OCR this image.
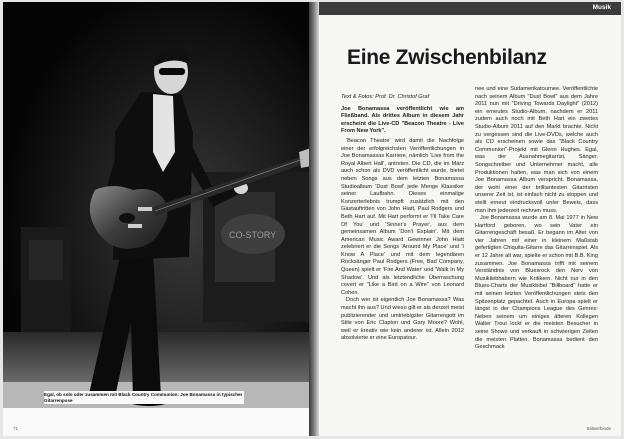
CO-STORY
Egal, ob solo oder zusammen mit Black Country Communion: Joe Bonamassa in typischer Gitarrenpose
71
Musik
Eine Zwischenbilanz

Text & Fotos: Prof. Dr. Christof Graf

Joe Bonamassa veröffentlicht wie am Fließband. Als drittes Album in diesem Jahr erscheint die Live-CD "Beacon Theatre - Live From New York".

'Beacon Theatre' wird damit die Nachfolge einer der erfolgreichsten Veröffentlichungen in Joe Bonamassas Karriere, nämlich 'Live from the Royal Albert Hall', antreten. Die CD, die im März auch schon als DVD veröffentlicht wurde, bietet neben Songs aus dem letzten Bonamassa Studioalbum 'Dust Bowl' jede Menge Klassiker seiner Laufbahn. Dieses einmalige Konzerterlebnis trumpft zusätzlich mit den Gastauftritten von John Hiatt, Paul Rodgers und Beth Hart auf. Mit Hart performt er 'I'll Take Care Of You' und 'Sinner's Prayer', aus dem gemeinsamen Album 'Don't Explain'. Mit dem American Music Award Gewinner John Hiatt zelebriert er die Songs 'Around My Place' und 'I Know A Place' und mit dem legendären Rocksänger Paul Rodgers (Free, Bad Company, Queen) spielt er 'Fire And Water' und 'Walk In My Shadow'. Und als letztendliche Überraschung covert er "Like a Bird on a Wire" von Leonard Cohen.

Doch wer ist eigentlich Joe Bonamassa? Was macht ihn aus? Und wieso gilt er als derzeit meist publizierender und umtriebigster Gitarrengott im Stile von Eric Clapton und Gary Moore? Wohl, weil er kreativ wie kein anderer ist. Allein 2012 absolvierte er eine Europatour.

nee und eine Südamerikatournee. Veröffentlichte nach seinem Album "Dust Bowl" aus dem Jahre 2011 nun mit "Driving Towards Daylight" (2012) ein erneutes Studio-Album, nachdem er 2011 zudem auch noch mit Beth Hart ein zweites Studio-Album 2011 auf den Markt brachte. Nicht zu vergessen sind die Live-DVDs, welche auch als CD erscheinen sowie das "Black Country Communion"-Projekt mit Glenn Hughes. Egal, was der Ausnahmegitarrist, Sänger, Songschreiber und Unternehmer macht, alle Produktionen halten, was man sich von einem Joe Bonamassa Album verspricht. Bonamassa, der wohl einer der brilliantesten Gitarristen unserer Zeit ist, ist einfach nicht zu stoppen und stellt erneut eindrucksvoll unter Beweis, dass man ihm jederzeit rechnen muss.

Joe Bonamassa wurde am 8. Mai 1977 in New Hartford geboren, wo sein Vater ein Gitarrengeschäft besaß. Er begann im Alter von vier Jahren mit einer in kleinem Maßstab gefertigten Chiquita-Gitarre das Gitarrenspiel. Als er 12 Jahre alt war, spielte er schon mit B.B. King zusammen. Joe Bonamassa trifft mit seinem Verständnis von Bluesrock den Nerv von Musikliebhabern wie Kritikern. Nicht nur in den Blues-Charts der Musikbibel "Billboard" hatte er mit seinen letzten Veröffentlichungen stets den Spitzenplatz gepachtet. Auch in Europa spielt er längst in der Champions League des Genres: Neben seinem um einiges älteren Kollegen Walter Trout lockt er die meisten Besucher in seine Shows und verkauft in schwierigen Zeiten die meisten Platten. Bonamassa bedient den Geschmack

Stilwerbinde
